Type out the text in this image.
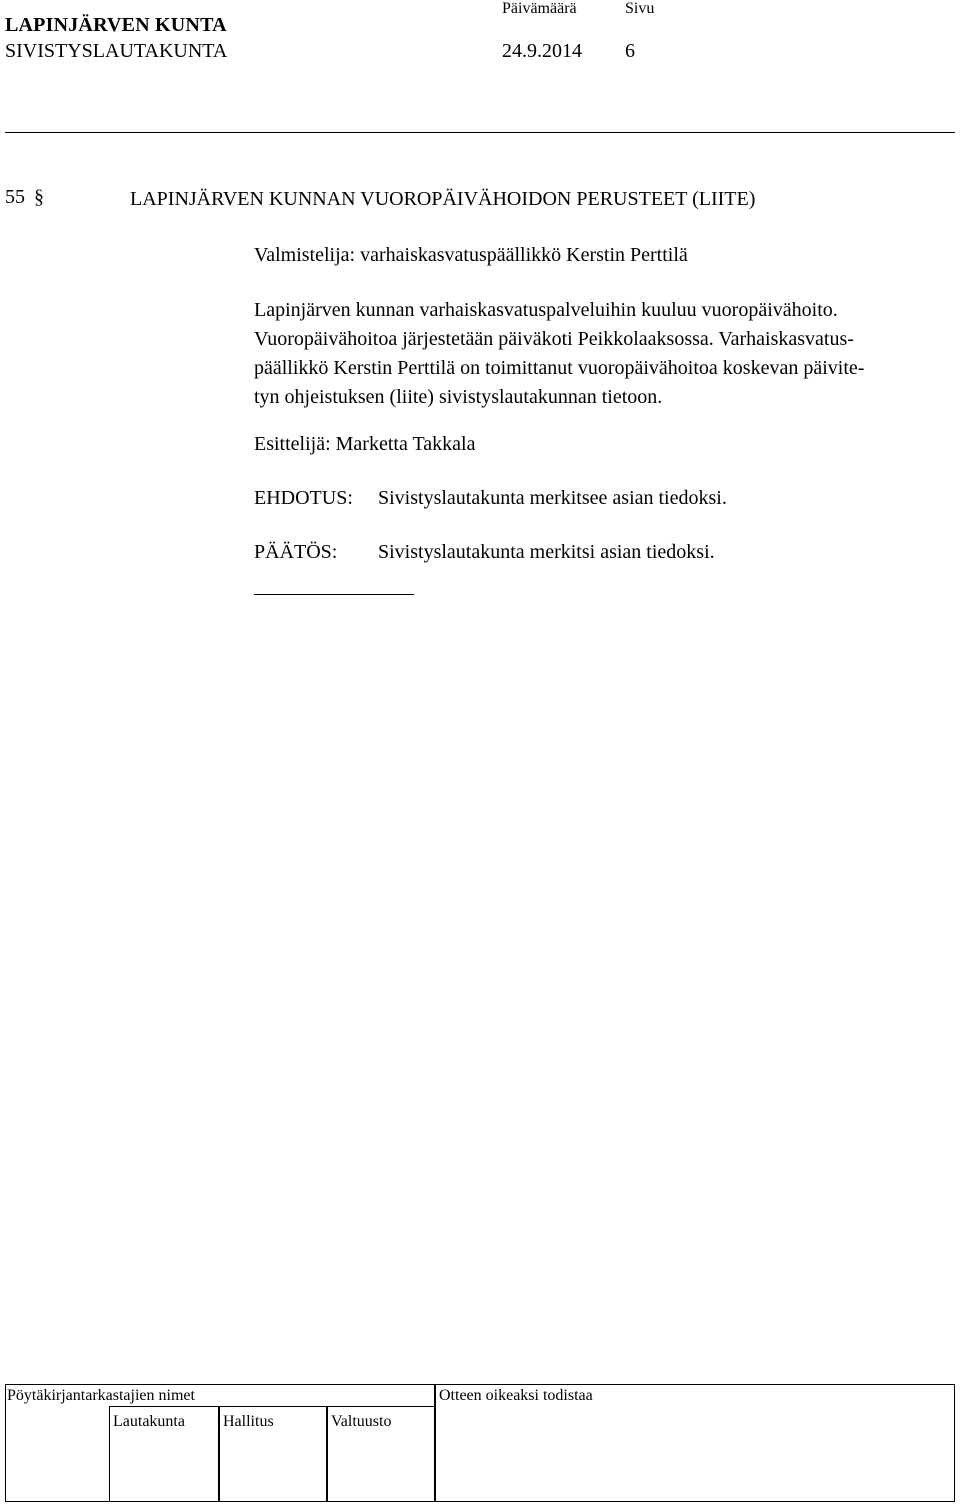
LAPINJÄRVEN KUNTA
SIVISTYSLAUTAKUNTA
Päivämäärä
24.9.2014
Sivu
6
55 §	LAPINJÄRVEN KUNNAN VUOROPÄIVÄHOIDON PERUSTEET (LIITE)
Valmistelija: varhaiskasvatuspäällikkö Kerstin Perttilä
Lapinjärven kunnan varhaiskasvatuspalveluihin kuuluu vuoropäivähoito.
Vuoropäivähoitoa järjestetään päiväkoti Peikkolaaksossa. Varhaiskasvatus-
päällikkö Kerstin Perttilä on toimittanut vuoropäivähoitoa koskevan päivite-
tyn ohjeistuksen (liite) sivistyslautakunnan tietoon.
Esittelijä: Marketta Takkala
EHDOTUS: Sivistyslautakunta merkitsee asian tiedoksi.
PÄÄTÖS: Sivistyslautakunta merkitsi asian tiedoksi.
Pöytäkirjantarkastajien nimet	Otteen oikeaksi todistaa
Lautakunta Hallitus	Valtuusto
